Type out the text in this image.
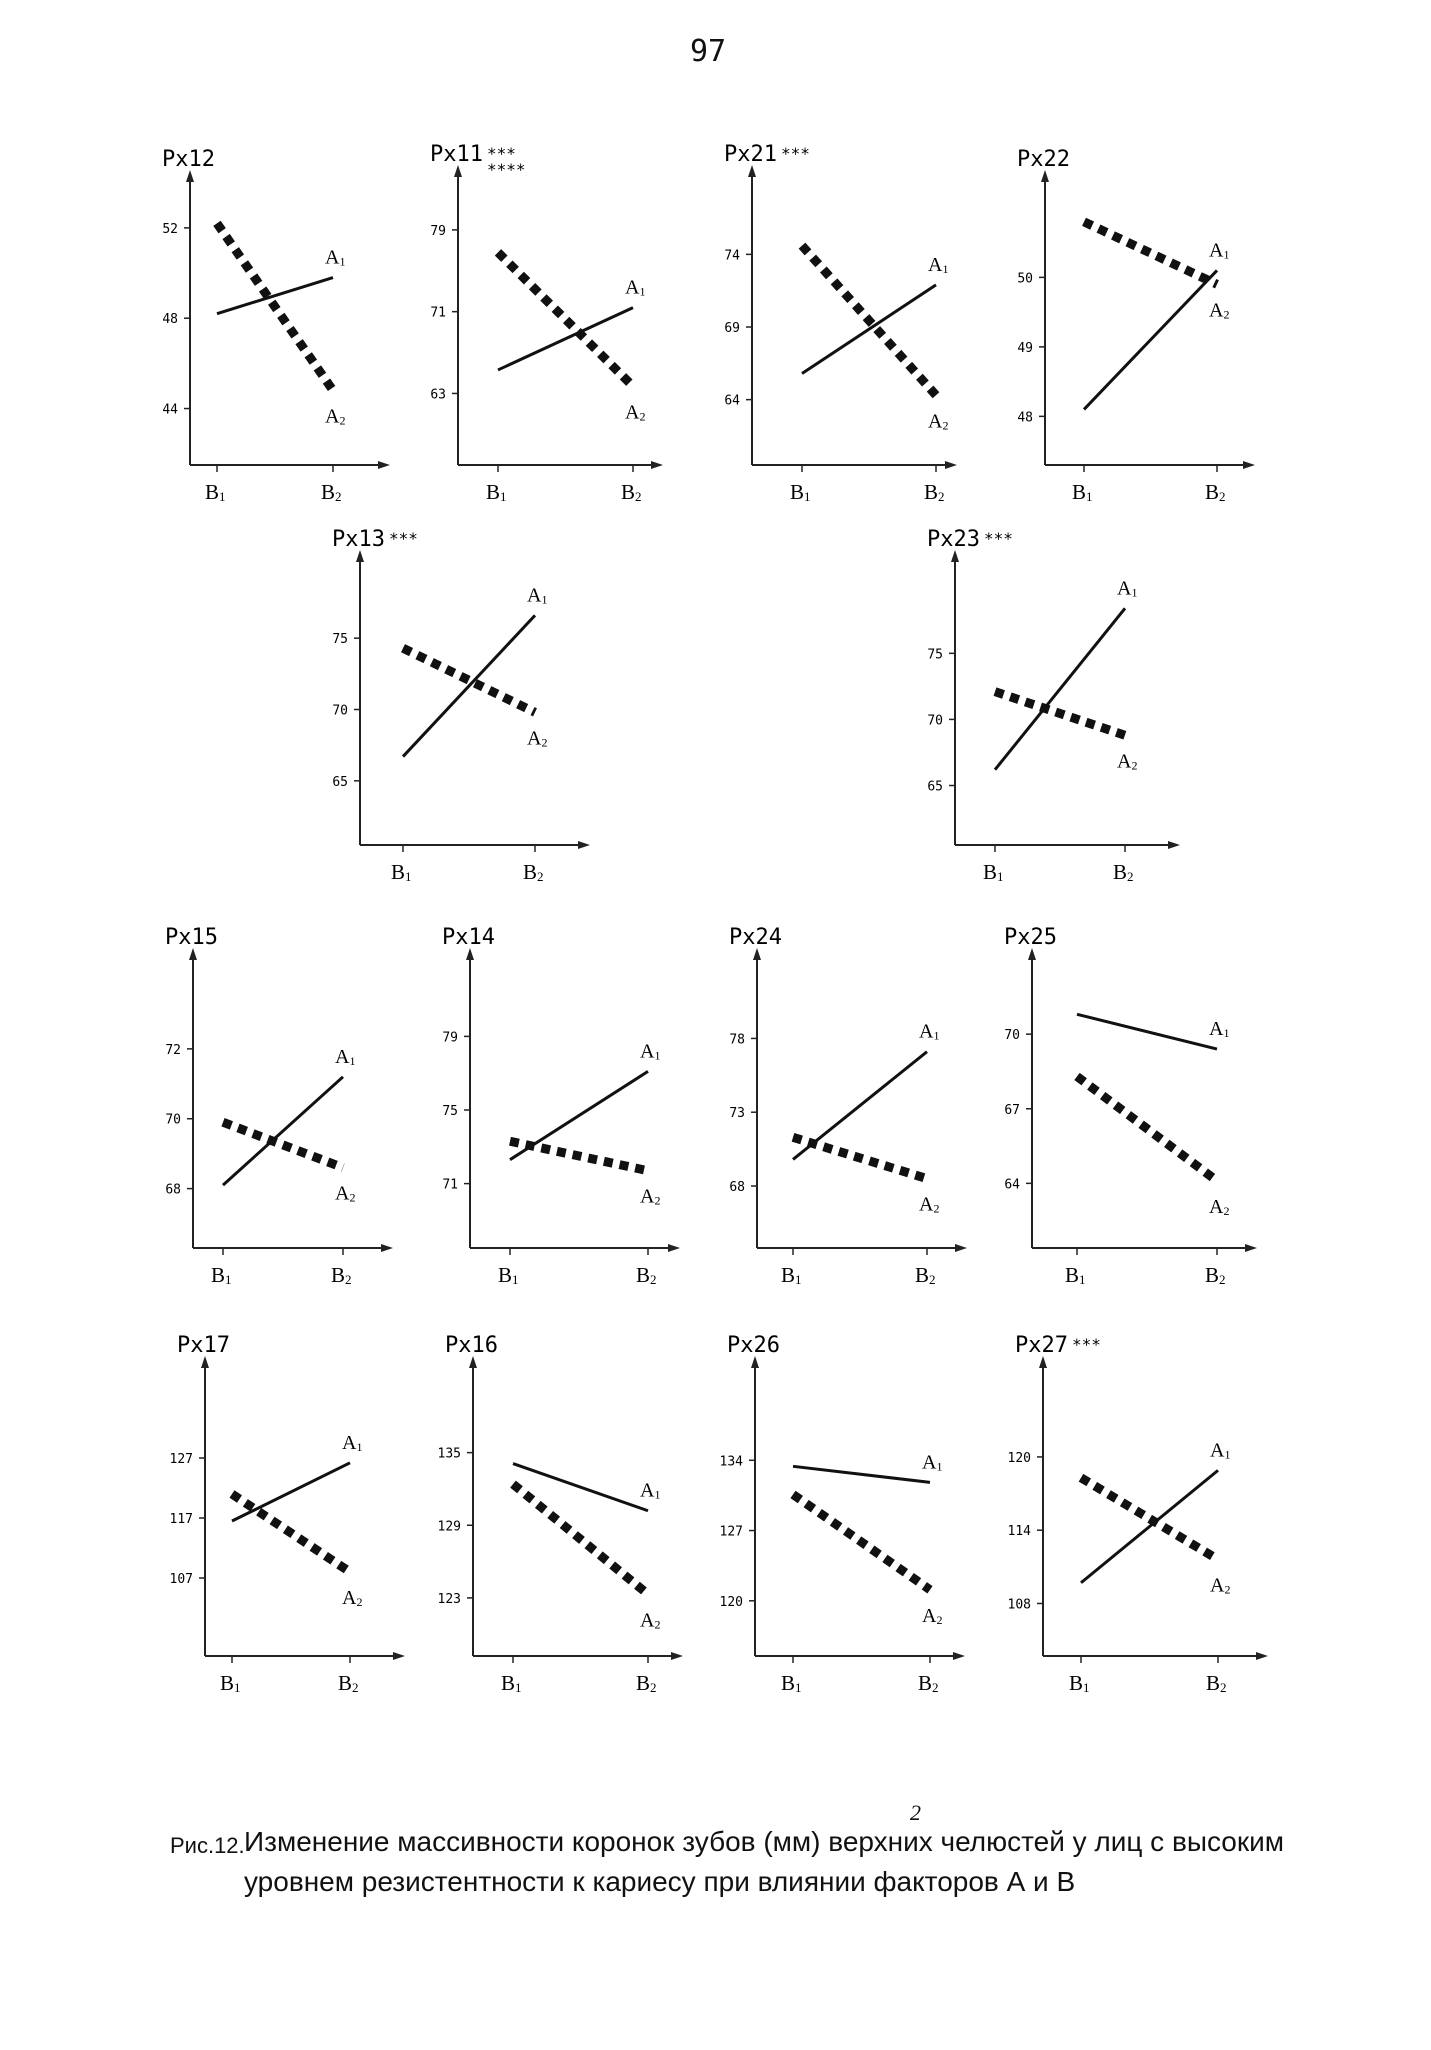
97
Px12
44
48
52
B1	B2
A1
A2
Px11 ***
****
63
71
79
B1	B2
A1
A2
Px21 ***
64
69
74
B1	B2
A1
A2
Px22
48
49
50
B1	B2
A1
A2
Px13 ***
65
70
75
B1	B2
A1
A2
Px23 ***
65
70
75
B1	B2
A1
A2
Px15
68
70
72
B1	B2
A1
A2
Px14
71
75
79
B1	B2
A1
A2
Px24
68
73
78
B1	B2
A1
A2
Px25
64
67
70
B1	B2
A1
A2
Px17
107
117
127
B1	B2
A1
A2
Px16
123
129
135
B1	B2
A1
A2
Px26
120
127
134
B1	B2
A1
A2
Px27 ***
108
114
120
B1	B2
A1
A2
2
Рис.12. Изменение массивности коронок зубов (мм) верхних челюстей у лиц с высоким уровнем резистентности к кариесу при влиянии факторов А и В
